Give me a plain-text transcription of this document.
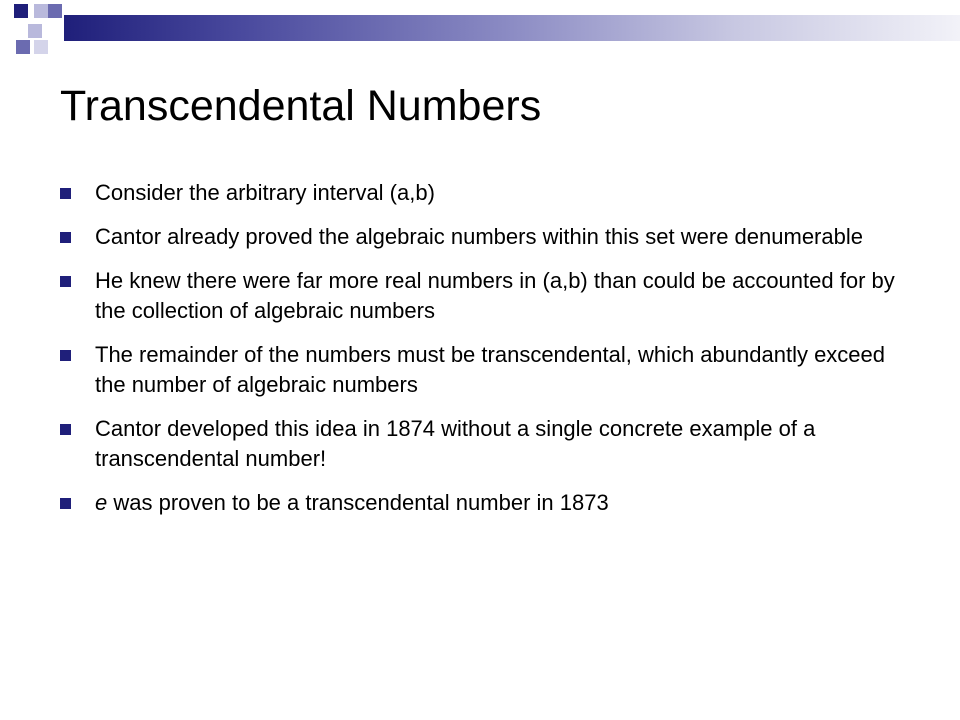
Transcendental Numbers
Consider the arbitrary interval (a,b)
Cantor already proved the algebraic numbers within this set were denumerable
He knew there were far more real numbers in (a,b) than could be accounted for by the collection of algebraic numbers
The remainder of the numbers must be transcendental, which abundantly exceed the number of algebraic numbers
Cantor developed this idea in 1874 without a single concrete example of a transcendental number!
e was proven to be a transcendental number in 1873
